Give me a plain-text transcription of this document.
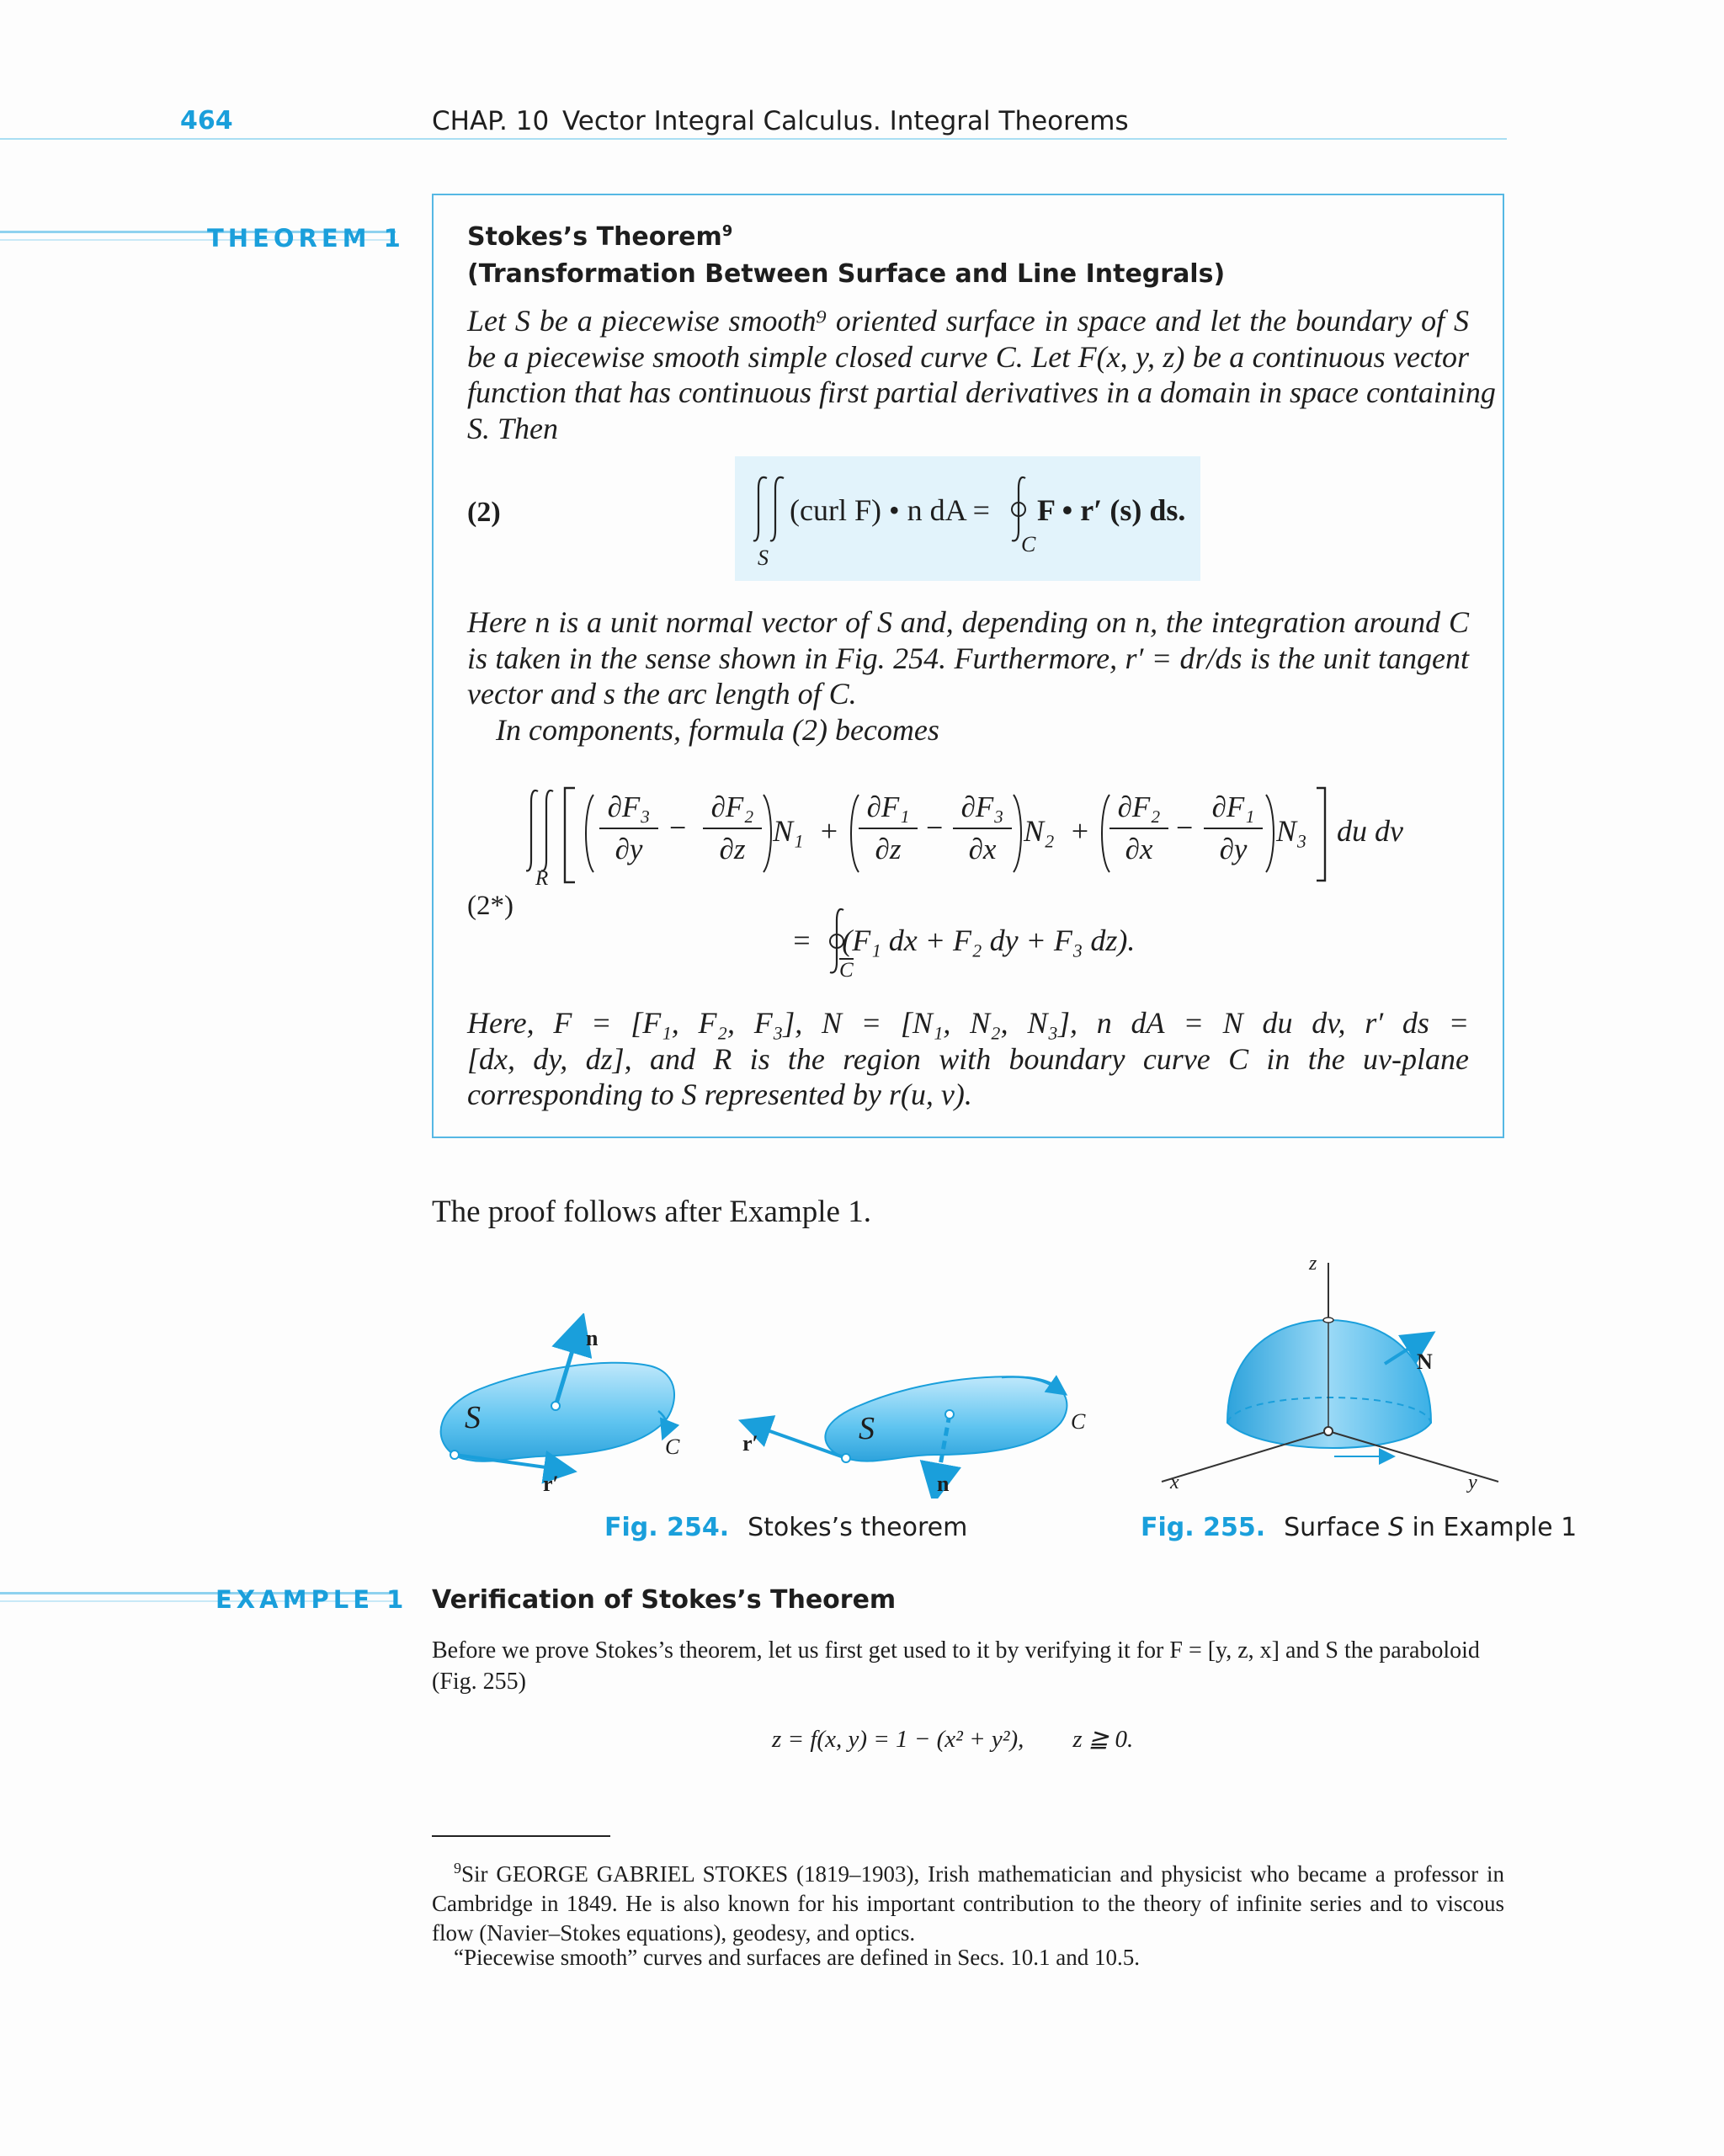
464	CHAP. 10 Vector Integral Calculus. Integral Theorems
THEOREM 1 Stokes’s Theorem$^9$
(Transformation Between Surface and Line Integrals)
Let S be a piecewise smooth⁹ oriented surface in space and let the boundary of S
be a piecewise smooth simple closed curve C. Let F(x, y, z) be a continuous vector
function that has continuous first partial derivatives in a domain in space containing
S. Then
(2)
S
(curl F) • n dA =
C
F • r′ (s) ds.
Here n is a unit normal vector of S and, depending on n, the integration around C
is taken in the sense shown in Fig. 254. Furthermore, r′ = dr/ds is the unit tangent
vector and s the arc length of C.
In components, formula (2) becomes
R
∂F₃
∂y
−
∂F₂
∂z
N₁  +
∂F₁
∂z
−
∂F₃
∂x
N₂  +
∂F₂
∂x
−
∂F₁
∂y
N₃ du dv
(2*)
=    (F₁ dx + F₂ dy + F₃ dz).
C
Here, F = [F₁, F₂, F₃], N = [N₁, N₂, N₃], n dA = N du dv, r′ ds =
[dx, dy, dz], and R is the region with boundary curve C in the uv-plane
corresponding to S represented by r(u, v).
The proof follows after Example 1.
S
n
C
r′
S
n
C
r′
z
N
x	y
Fig. 254. Stokes’s theorem	Fig. 255. Surface S in Example 1
EXAMPLE 1 Verification of Stokes’s Theorem
Before we prove Stokes’s theorem, let us first get used to it by verifying it for F = [y, z, x] and S the paraboloid
(Fig. 255)
z = f(x, y) = 1 − (x² + y²),        z ≧ 0.
$^9$Sir GEORGE GABRIEL STOKES (1819–1903), Irish mathematician and physicist who became a professor in Cambridge in 1849. He is also known for his important contribution to the theory of infinite series and to viscous flow (Navier–Stokes equations), geodesy, and optics.
“Piecewise smooth” curves and surfaces are defined in Secs. 10.1 and 10.5.
